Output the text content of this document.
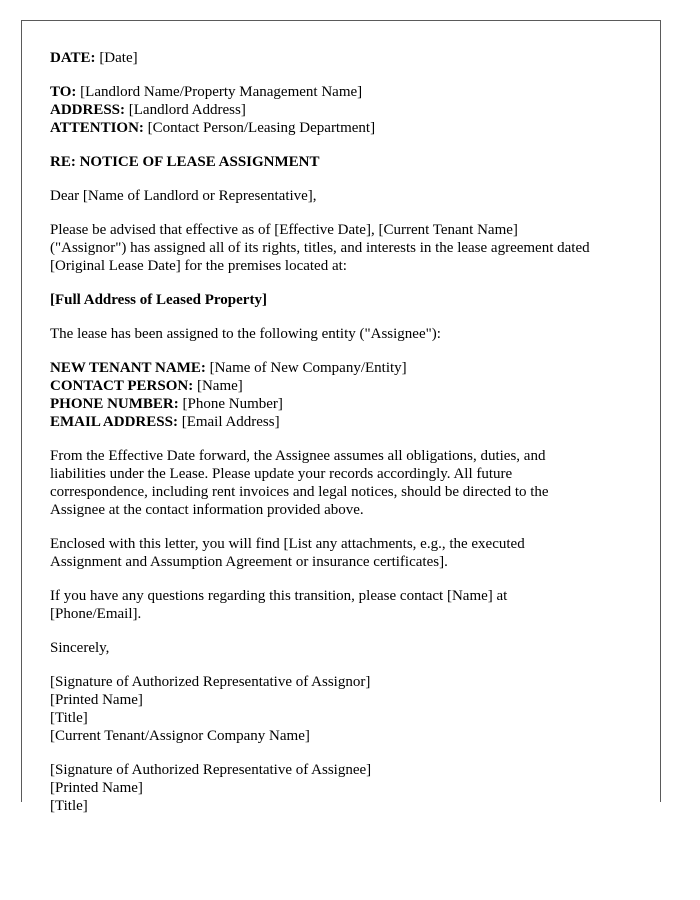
DATE: [Date]
TO: [Landlord Name/Property Management Name]
ADDRESS: [Landlord Address]
ATTENTION: [Contact Person/Leasing Department]
RE: NOTICE OF LEASE ASSIGNMENT
Dear [Name of Landlord or Representative],
Please be advised that effective as of [Effective Date], [Current Tenant Name]
("Assignor") has assigned all of its rights, titles, and interests in the lease agreement dated
[Original Lease Date] for the premises located at:
[Full Address of Leased Property]
The lease has been assigned to the following entity ("Assignee"):
NEW TENANT NAME: [Name of New Company/Entity]
CONTACT PERSON: [Name]
PHONE NUMBER: [Phone Number]
EMAIL ADDRESS: [Email Address]
From the Effective Date forward, the Assignee assumes all obligations, duties, and
liabilities under the Lease. Please update your records accordingly. All future
correspondence, including rent invoices and legal notices, should be directed to the
Assignee at the contact information provided above.
Enclosed with this letter, you will find [List any attachments, e.g., the executed
Assignment and Assumption Agreement or insurance certificates].
If you have any questions regarding this transition, please contact [Name] at
[Phone/Email].
Sincerely,
[Signature of Authorized Representative of Assignor]
[Printed Name]
[Title]
[Current Tenant/Assignor Company Name]
[Signature of Authorized Representative of Assignee]
[Printed Name]
[Title]
